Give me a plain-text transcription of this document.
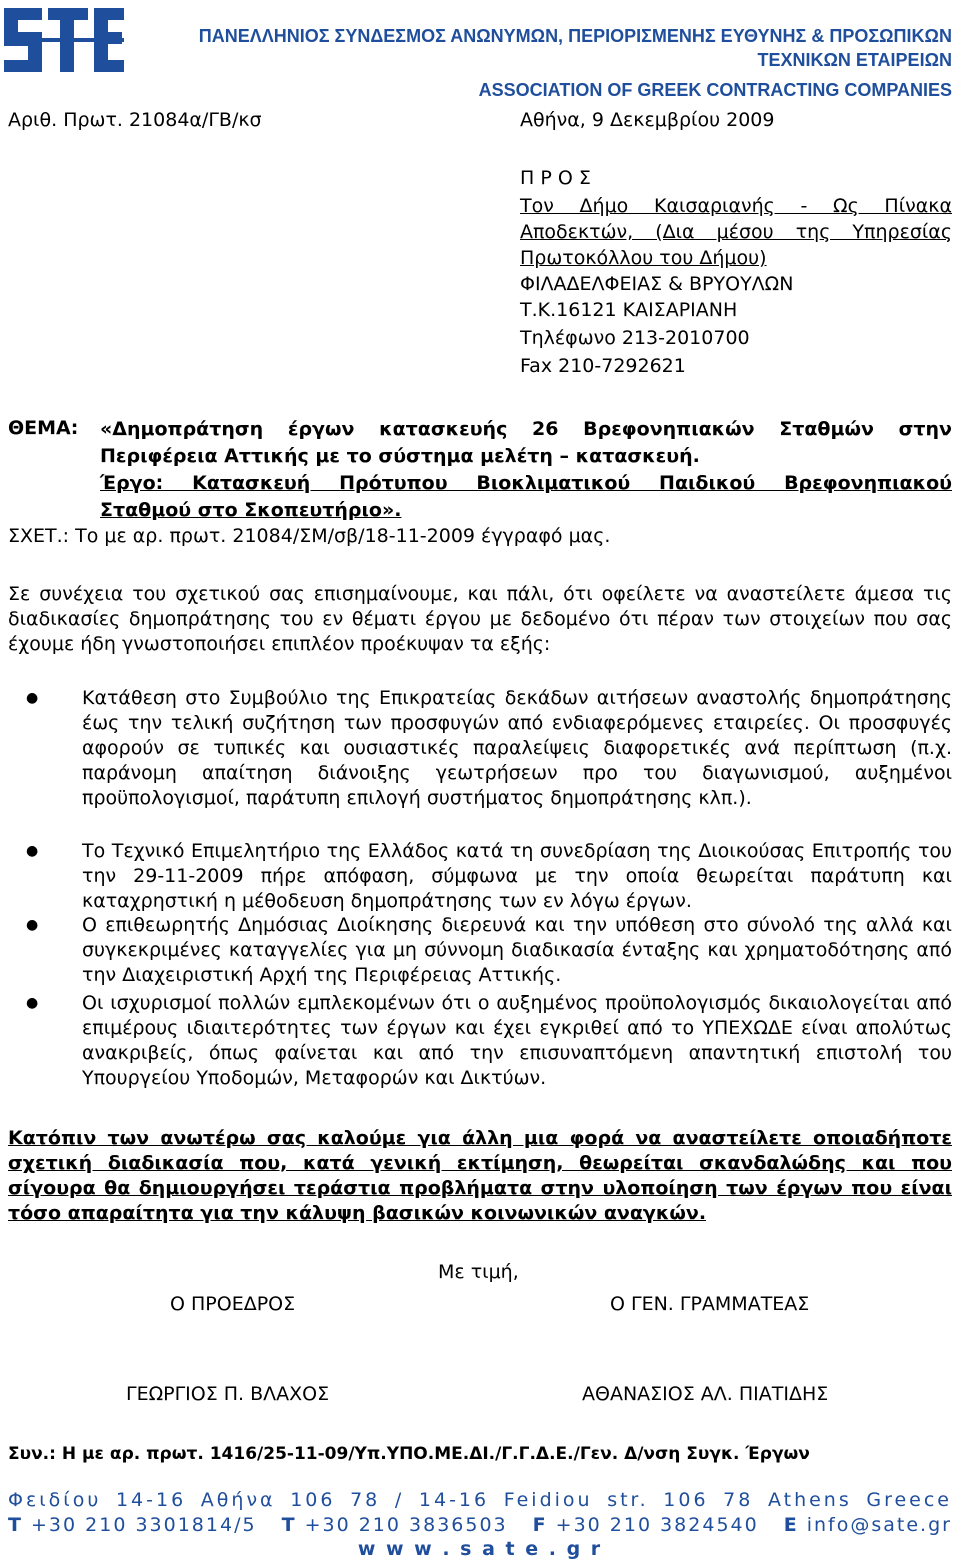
ΠΑΝΕΛΛΗΝΙΟΣ ΣΥΝΔΕΣΜΟΣ ΑΝΩΝΥΜΩΝ, ΠΕΡΙΟΡΙΣΜΕΝΗΣ ΕΥΘΥΝΗΣ & ΠΡΟΣΩΠΙΚΩΝ
ΤΕΧΝΙΚΩΝ ΕΤΑΙΡΕΙΩΝ
ASSOCIATION OF GREEK CONTRACTING COMPANIES
Αριθ. Πρωτ. 21084α/ΓΒ/κσ	Αθήνα, 9 Δεκεμβρίου 2009
Π Ρ Ο Σ
Τον Δήμο Καισαριανής - Ως Πίνακα
Αποδεκτών, (Δια μέσου της Υπηρεσίας
Πρωτοκόλλου του Δήμου)
ΦΙΛΑΔΕΛΦΕΙΑΣ & ΒΡΥΟΥΛΩΝ
Τ.Κ.16121 ΚΑΙΣΑΡΙΑΝΗ
Τηλέφωνο 213-2010700
Fax 210-7292621
ΘΕΜΑ: «Δημοπράτηση έργων κατασκευής 26 Βρεφονηπιακών Σταθμών στην
Περιφέρεια Αττικής με το σύστημα μελέτη – κατασκευή.
Έργο: Κατασκευή Πρότυπου Βιοκλιματικού Παιδικού Βρεφονηπιακού
Σταθμού στο Σκοπευτήριο».
ΣΧΕΤ.: Το με αρ. πρωτ. 21084/ΣΜ/σβ/18-11-2009 έγγραφό μας.
Σε συνέχεια του σχετικού σας επισημαίνουμε, και πάλι, ότι οφείλετε να αναστείλετε άμεσα τις διαδικασίες δημοπράτησης του εν θέματι έργου με δεδομένο ότι πέραν των στοιχείων που σας έχουμε ήδη γνωστοποιήσει επιπλέον προέκυψαν τα εξής:
● Κατάθεση στο Συμβούλιο της Επικρατείας δεκάδων αιτήσεων αναστολής δημοπράτησης έως την τελική συζήτηση των προσφυγών από ενδιαφερόμενες εταιρείες. Οι προσφυγές αφορούν σε τυπικές και ουσιαστικές παραλείψεις διαφορετικές ανά περίπτωση (π.χ. παράνομη απαίτηση διάνοιξης γεωτρήσεων προ του διαγωνισμού, αυξημένοι προϋπολογισμοί, παράτυπη επιλογή συστήματος δημοπράτησης κλπ.).
● Το Τεχνικό Επιμελητήριο της Ελλάδος κατά τη συνεδρίαση της Διοικούσας Επιτροπής του την 29-11-2009 πήρε απόφαση, σύμφωνα με την οποία θεωρείται παράτυπη και καταχρηστική η μέθοδευση δημοπράτησης των εν λόγω έργων.
● Ο επιθεωρητής Δημόσιας Διοίκησης διερευνά και την υπόθεση στο σύνολό της αλλά και συγκεκριμένες καταγγελίες για μη σύννομη διαδικασία ένταξης και χρηματοδότησης από την Διαχειριστική Αρχή της Περιφέρειας Αττικής.
● Οι ισχυρισμοί πολλών εμπλεκομένων ότι ο αυξημένος προϋπολογισμός δικαιολογείται από επιμέρους ιδιαιτερότητες των έργων και έχει εγκριθεί από το ΥΠΕΧΩΔΕ είναι απολύτως ανακριβείς, όπως φαίνεται και από την επισυναπτόμενη απαντητική επιστολή του Υπουργείου Υποδομών, Μεταφορών και Δικτύων.
Κατόπιν των ανωτέρω σας καλούμε για άλλη μια φορά να αναστείλετε οποιαδήποτε σχετική διαδικασία που, κατά γενική εκτίμηση, θεωρείται σκανδαλώδης και που σίγουρα θα δημιουργήσει τεράστια προβλήματα στην υλοποίηση των έργων που είναι τόσο απαραίτητα για την κάλυψη βασικών κοινωνικών αναγκών.
Με τιμή,
Ο ΠΡΟΕΔΡΟΣ	Ο ΓΕΝ. ΓΡΑΜΜΑΤΕΑΣ
ΓΕΩΡΓΙΟΣ Π. ΒΛΑΧΟΣ	ΑΘΑΝΑΣΙΟΣ ΑΛ. ΠΙΑΤΙΔΗΣ
Συν.: Η με αρ. πρωτ. 1416/25-11-09/Υπ.ΥΠΟ.ΜΕ.ΔΙ./Γ.Γ.Δ.Ε./Γεν. Δ/νση Συγκ. Έργων
Φειδίου 14-16 Αθήνα 106 78 / 14-16 Feidiou str. 106 78 Athens Greece
T +30 210 3301814/5 T +30 210 3836503 F +30 210 3824540 E info@sate.gr
w w w . s a t e . g r
